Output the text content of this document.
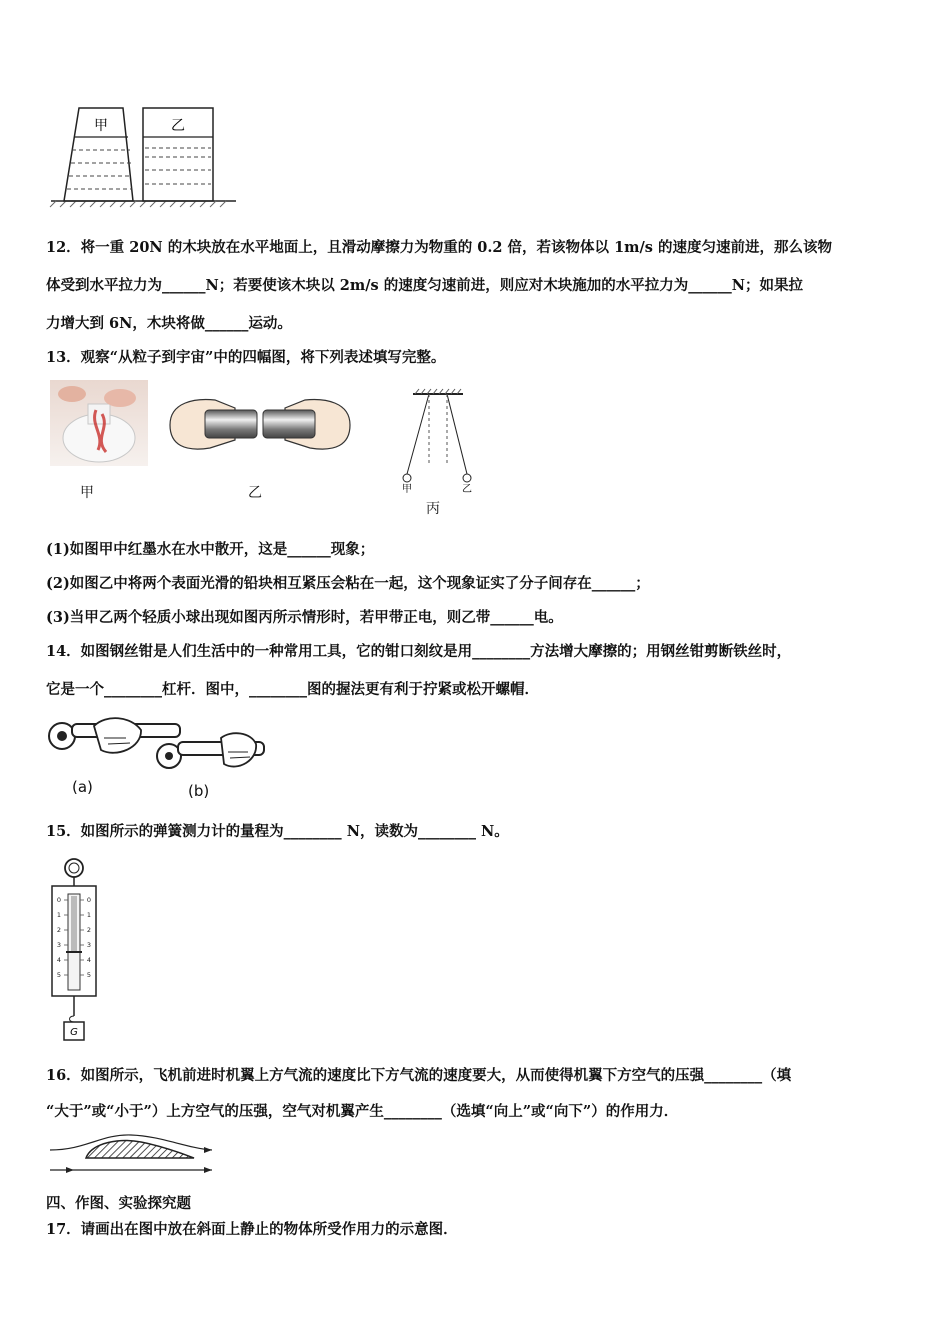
甲	乙
12．将一重 20N 的木块放在水平地面上，且滑动摩擦力为物重的 0.2 倍，若该物体以 1m/s 的速度匀速前进，那么该物
体受到水平拉力为______N；若要使该木块以 2m/s 的速度匀速前进，则应对木块施加的水平拉力为______N；如果拉
力增大到 6N，木块将做______运动。
13．观察“从粒子到宇宙”中的四幅图，将下列表述填写完整。
甲	乙	甲	乙
丙
(1)如图甲中红墨水在水中散开，这是______现象；
(2)如图乙中将两个表面光滑的铅块相互紧压会粘在一起，这个现象证实了分子间存在______；
(3)当甲乙两个轻质小球出现如图丙所示情形时，若甲带正电，则乙带______电。
14．如图钢丝钳是人们生活中的一种常用工具，它的钳口刻纹是用________方法增大摩擦的；用钢丝钳剪断铁丝时，
它是一个________杠杆．图中，________图的握法更有利于拧紧或松开螺帽．
(a)	(b)
15．如图所示的弹簧测力计的量程为________ N，读数为________ N。
0
1
2
3
4
5
0
1
2
3
4
5
G
16．如图所示，飞机前进时机翼上方气流的速度比下方气流的速度要大，从而使得机翼下方空气的压强________（填
“大于”或“小于”）上方空气的压强，空气对机翼产生________（选填“向上”或“向下”）的作用力．
四、作图、实验探究题
17．请画出在图中放在斜面上静止的物体所受作用力的示意图．
